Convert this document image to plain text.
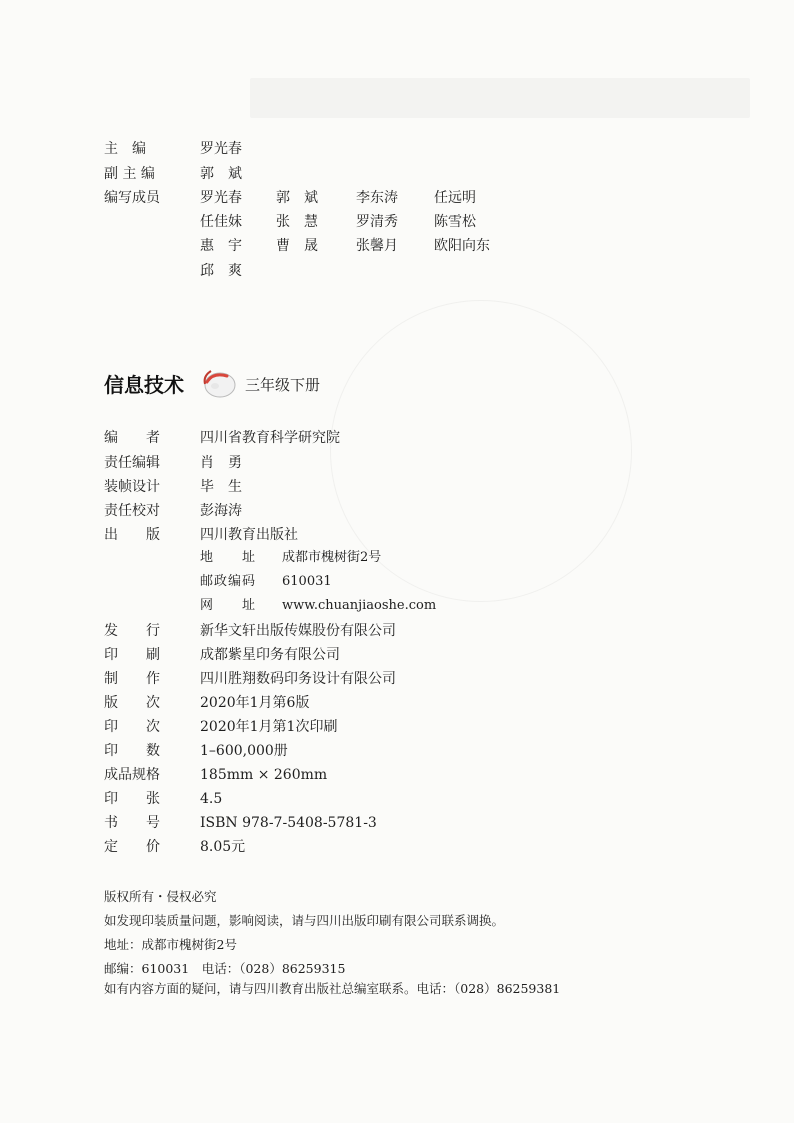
主　编	罗光春
副 主 编	郭　斌
编写成员	罗光春 郭　斌	李东涛	任远明
任佳妹 张　慧	罗清秀	陈雪松
惠　宇 曹　晟	张馨月	欧阳向东
邱　爽
信息技术	三年级下册
编　　者	四川省教育科学研究院
责任编辑	肖　勇
装帧设计	毕　生
责任校对	彭海涛
出　　版	四川教育出版社
地　　址 成都市槐树街2号
邮政编码 610031
网　　址 www.chuanjiaoshe.com
发　　行	新华文轩出版传媒股份有限公司
印　　刷	成都紫星印务有限公司
制　　作	四川胜翔数码印务设计有限公司
版　　次	2020年1月第6版
印　　次	2020年1月第1次印刷
印　　数	1–600,000册
成品规格	185mm × 260mm
印　　张	4.5
书　　号	ISBN 978-7-5408-5781-3
定　　价	8.05元
版权所有・侵权必究
如发现印装质量问题，影响阅读，请与四川出版印刷有限公司联系调换。
地址：成都市槐树街2号
邮编：610031　电话：（028）86259315
如有内容方面的疑问，请与四川教育出版社总编室联系。电话：（028）86259381
